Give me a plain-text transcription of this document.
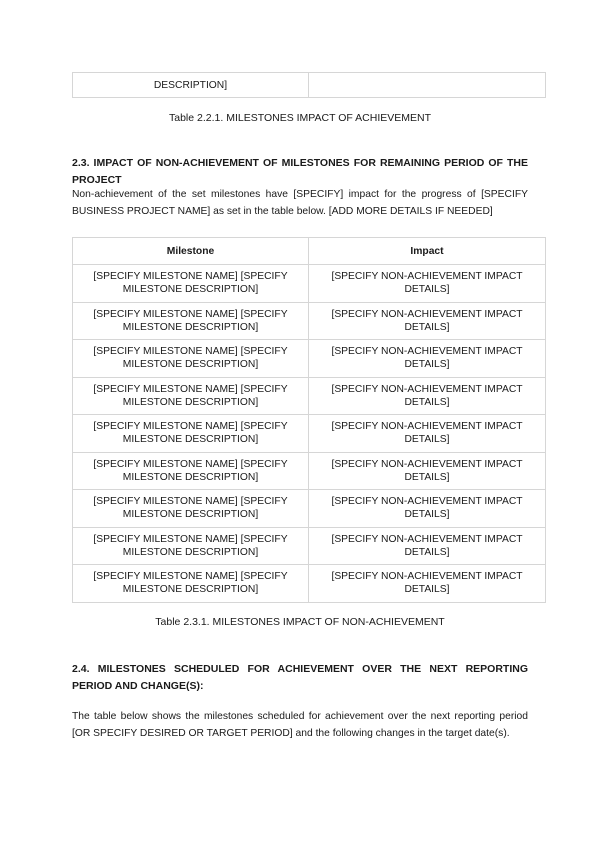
DESCRIPTION]	
Table 2.2.1. MILESTONES IMPACT OF ACHIEVEMENT
2.3. IMPACT OF NON-ACHIEVEMENT OF MILESTONES FOR REMAINING PERIOD OF THE PROJECT
Non-achievement of the set milestones have [SPECIFY] impact for the progress of [SPECIFY BUSINESS PROJECT NAME] as set in the table below. [ADD MORE DETAILS IF NEEDED]
Milestone	Impact
[SPECIFY MILESTONE NAME] [SPECIFY MILESTONE DESCRIPTION]	[SPECIFY NON-ACHIEVEMENT IMPACT DETAILS]
[SPECIFY MILESTONE NAME] [SPECIFY MILESTONE DESCRIPTION]	[SPECIFY NON-ACHIEVEMENT IMPACT DETAILS]
[SPECIFY MILESTONE NAME] [SPECIFY MILESTONE DESCRIPTION]	[SPECIFY NON-ACHIEVEMENT IMPACT DETAILS]
[SPECIFY MILESTONE NAME] [SPECIFY MILESTONE DESCRIPTION]	[SPECIFY NON-ACHIEVEMENT IMPACT DETAILS]
[SPECIFY MILESTONE NAME] [SPECIFY MILESTONE DESCRIPTION]	[SPECIFY NON-ACHIEVEMENT IMPACT DETAILS]
[SPECIFY MILESTONE NAME] [SPECIFY MILESTONE DESCRIPTION]	[SPECIFY NON-ACHIEVEMENT IMPACT DETAILS]
[SPECIFY MILESTONE NAME] [SPECIFY MILESTONE DESCRIPTION]	[SPECIFY NON-ACHIEVEMENT IMPACT DETAILS]
[SPECIFY MILESTONE NAME] [SPECIFY MILESTONE DESCRIPTION]	[SPECIFY NON-ACHIEVEMENT IMPACT DETAILS]
[SPECIFY MILESTONE NAME] [SPECIFY MILESTONE DESCRIPTION]	[SPECIFY NON-ACHIEVEMENT IMPACT DETAILS]
Table 2.3.1. MILESTONES IMPACT OF NON-ACHIEVEMENT
2.4. MILESTONES SCHEDULED FOR ACHIEVEMENT OVER THE NEXT REPORTING PERIOD AND CHANGE(S):
The table below shows the milestones scheduled for achievement over the next reporting period [OR SPECIFY DESIRED OR TARGET PERIOD] and the following changes in the target date(s).
